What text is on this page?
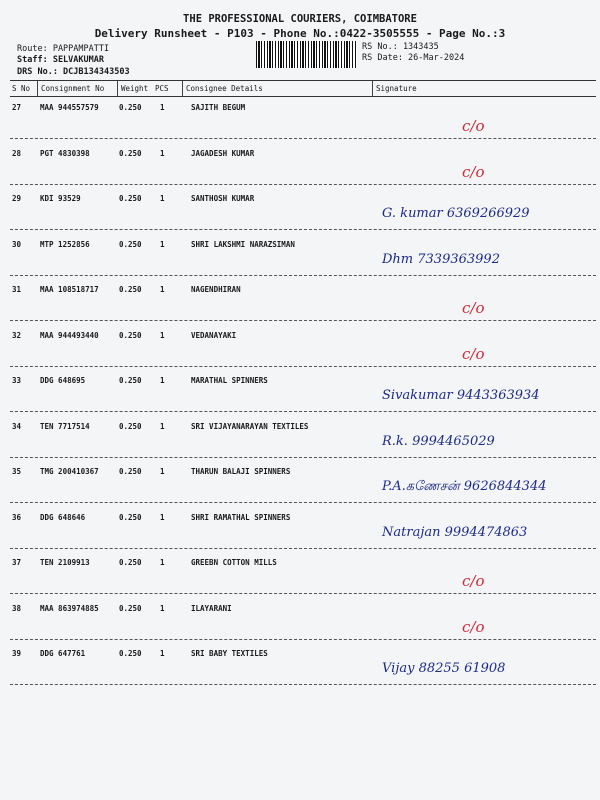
THE PROFESSIONAL COURIERS, COIMBATORE
Delivery Runsheet - P103 - Phone No.:0422-3505555 - Page No.:3
Route: PAPPAMPATTI
Staff: SELVAKUMAR
DRS No.: DCJB134343503
RS No.: 1343435
RS Date: 26-Mar-2024
S No Consignment No Weight PCS Consignee Details	Signature
27	MAA 944557579	0.250 1	SAJITH BEGUM
c/o
28	PGT 4830398	0.250 1	JAGADESH KUMAR
c/o
29	KDI 93529	0.250 1	SANTHOSH KUMAR
G. kumar 6369266929
30	MTP 1252856	0.250 1	SHRI LAKSHMI NARAZSIMAN
Dhm 7339363992
31	MAA 108518717	0.250 1	NAGENDHIRAN
c/o
32	MAA 944493440	0.250 1	VEDANAYAKI
c/o
33	DDG 648695	0.250 1	MARATHAL SPINNERS
Sivakumar 9443363934
34	TEN 7717514	0.250 1	SRI VIJAYANARAYAN TEXTILES
R.k. 9994465029
35	TMG 200410367	0.250 1	THARUN BALAJI SPINNERS
P.A.கணேசன் 9626844344
36	DDG 648646	0.250 1	SHRI RAMATHAL SPINNERS
Natrajan 9994474863
37	TEN 2109913	0.250 1	GREEBN COTTON MILLS
c/o
38	MAA 863974885	0.250 1	ILAYARANI
c/o
39	DDG 647761	0.250 1	SRI BABY TEXTILES
Vijay 88255 61908
